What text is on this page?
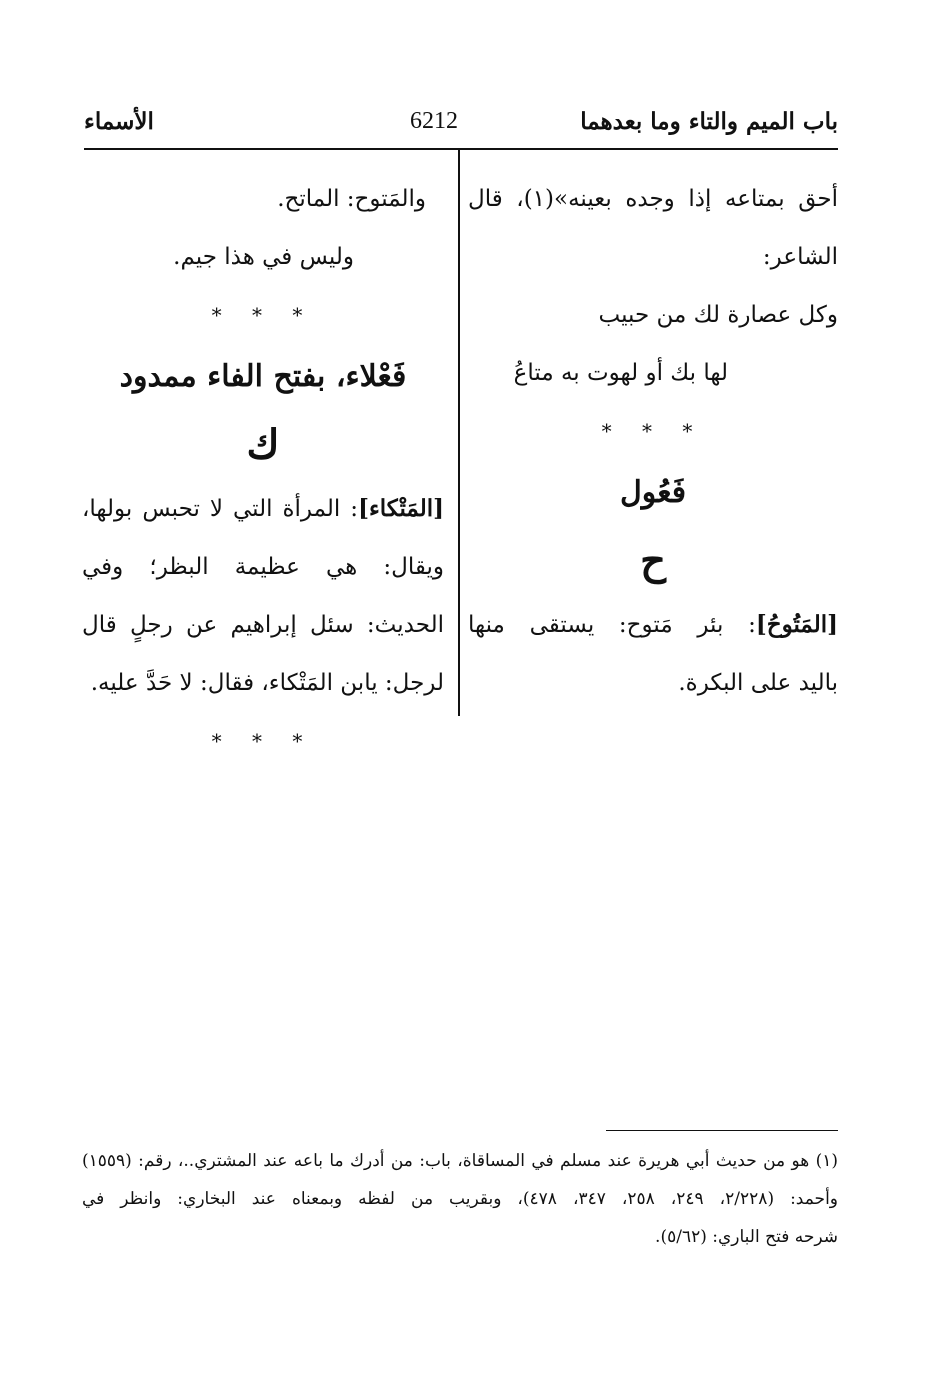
باب الميم والتاء وما بعدهما
6212
الأسماء
أحق بمتاعه إذا وجده بعينه»(١)، قال
الشاعر:
وكل عصارة لك من حبيب
لها بك أو لهوت به متاعُ
* * *
فَعُول
ح
[المَتُوحُ]: بئر مَتوح: يستقى منها
باليد على البكرة.
والمَتوح: الماتح.
وليس في هذا جيم.
* * *
فَعْلاء، بفتح الفاء ممدود
ك
[المَتْكاء]: المرأة التي لا تحبس بولها،
ويقال: هي عظيمة البظر؛ وفي
الحديث: سئل إبراهيم عن رجلٍ قال
لرجل: يابن المَتْكاء، فقال: لا حَدَّ عليه.
* * *
(١) هو من حديث أبي هريرة عند مسلم في المساقاة، باب: من أدرك ما باعه عند المشتري..، رقم: (١٥٥٩)
وأحمد: (٢/٢٢٨، ٢٤٩، ٢٥٨، ٣٤٧، ٤٧٨)، وبقريب من لفظه وبمعناه عند البخاري: وانظر في
شرحه فتح الباري: (٥/٦٢).
